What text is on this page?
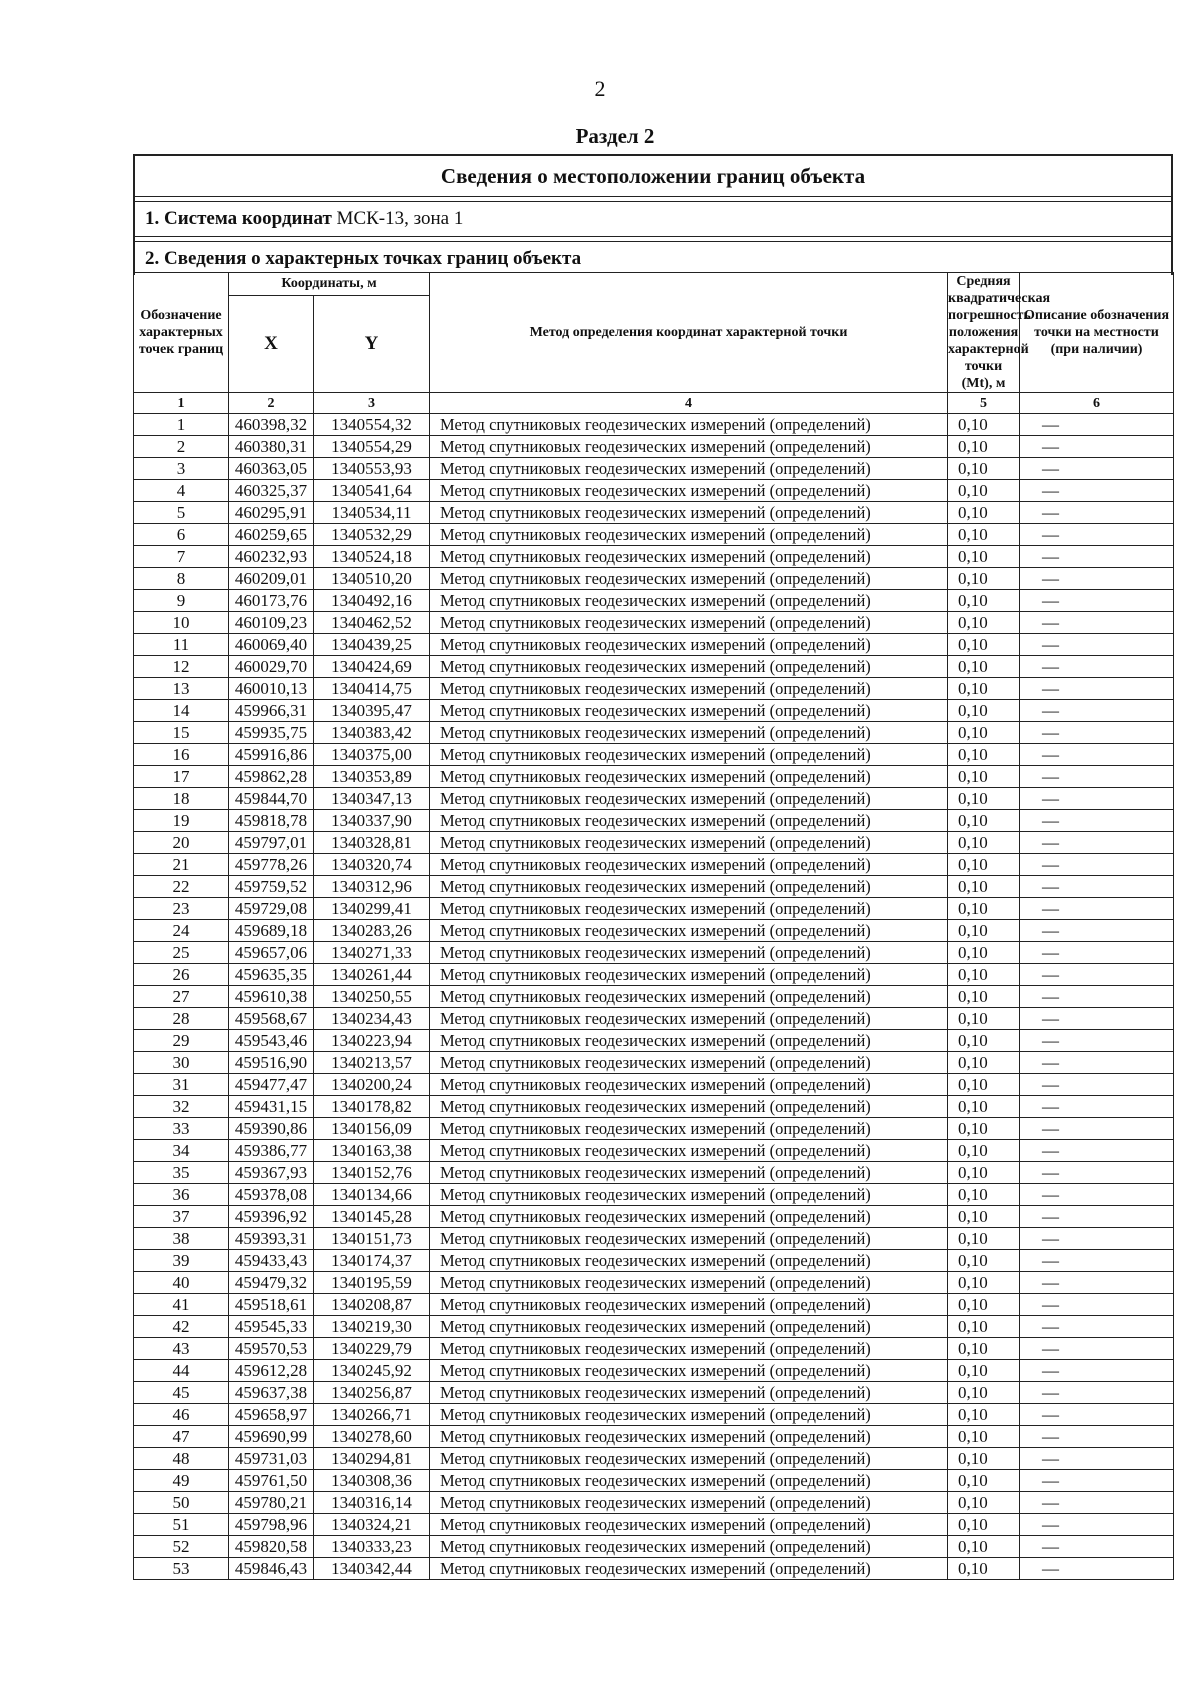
2
Раздел 2
Сведения о местоположении границ объекта
1. Система координат МСК-13, зона 1
2. Сведения о характерных точках границ объекта
Обозначение характерных точек границ	Координаты, м		Метод определения координат характерной точки	Средняя квадратическая погрешность положения характерной точки (Mt), м	Описание обозначения точки на местности (при наличии)
	X	Y			
1	2	3	4	5	6
1	460398,32	1340554,32	Метод спутниковых геодезических измерений (определений)	0,10	—
2	460380,31	1340554,29	Метод спутниковых геодезических измерений (определений)	0,10	—
3	460363,05	1340553,93	Метод спутниковых геодезических измерений (определений)	0,10	—
4	460325,37	1340541,64	Метод спутниковых геодезических измерений (определений)	0,10	—
5	460295,91	1340534,11	Метод спутниковых геодезических измерений (определений)	0,10	—
6	460259,65	1340532,29	Метод спутниковых геодезических измерений (определений)	0,10	—
7	460232,93	1340524,18	Метод спутниковых геодезических измерений (определений)	0,10	—
8	460209,01	1340510,20	Метод спутниковых геодезических измерений (определений)	0,10	—
9	460173,76	1340492,16	Метод спутниковых геодезических измерений (определений)	0,10	—
10	460109,23	1340462,52	Метод спутниковых геодезических измерений (определений)	0,10	—
11	460069,40	1340439,25	Метод спутниковых геодезических измерений (определений)	0,10	—
12	460029,70	1340424,69	Метод спутниковых геодезических измерений (определений)	0,10	—
13	460010,13	1340414,75	Метод спутниковых геодезических измерений (определений)	0,10	—
14	459966,31	1340395,47	Метод спутниковых геодезических измерений (определений)	0,10	—
15	459935,75	1340383,42	Метод спутниковых геодезических измерений (определений)	0,10	—
16	459916,86	1340375,00	Метод спутниковых геодезических измерений (определений)	0,10	—
17	459862,28	1340353,89	Метод спутниковых геодезических измерений (определений)	0,10	—
18	459844,70	1340347,13	Метод спутниковых геодезических измерений (определений)	0,10	—
19	459818,78	1340337,90	Метод спутниковых геодезических измерений (определений)	0,10	—
20	459797,01	1340328,81	Метод спутниковых геодезических измерений (определений)	0,10	—
21	459778,26	1340320,74	Метод спутниковых геодезических измерений (определений)	0,10	—
22	459759,52	1340312,96	Метод спутниковых геодезических измерений (определений)	0,10	—
23	459729,08	1340299,41	Метод спутниковых геодезических измерений (определений)	0,10	—
24	459689,18	1340283,26	Метод спутниковых геодезических измерений (определений)	0,10	—
25	459657,06	1340271,33	Метод спутниковых геодезических измерений (определений)	0,10	—
26	459635,35	1340261,44	Метод спутниковых геодезических измерений (определений)	0,10	—
27	459610,38	1340250,55	Метод спутниковых геодезических измерений (определений)	0,10	—
28	459568,67	1340234,43	Метод спутниковых геодезических измерений (определений)	0,10	—
29	459543,46	1340223,94	Метод спутниковых геодезических измерений (определений)	0,10	—
30	459516,90	1340213,57	Метод спутниковых геодезических измерений (определений)	0,10	—
31	459477,47	1340200,24	Метод спутниковых геодезических измерений (определений)	0,10	—
32	459431,15	1340178,82	Метод спутниковых геодезических измерений (определений)	0,10	—
33	459390,86	1340156,09	Метод спутниковых геодезических измерений (определений)	0,10	—
34	459386,77	1340163,38	Метод спутниковых геодезических измерений (определений)	0,10	—
35	459367,93	1340152,76	Метод спутниковых геодезических измерений (определений)	0,10	—
36	459378,08	1340134,66	Метод спутниковых геодезических измерений (определений)	0,10	—
37	459396,92	1340145,28	Метод спутниковых геодезических измерений (определений)	0,10	—
38	459393,31	1340151,73	Метод спутниковых геодезических измерений (определений)	0,10	—
39	459433,43	1340174,37	Метод спутниковых геодезических измерений (определений)	0,10	—
40	459479,32	1340195,59	Метод спутниковых геодезических измерений (определений)	0,10	—
41	459518,61	1340208,87	Метод спутниковых геодезических измерений (определений)	0,10	—
42	459545,33	1340219,30	Метод спутниковых геодезических измерений (определений)	0,10	—
43	459570,53	1340229,79	Метод спутниковых геодезических измерений (определений)	0,10	—
44	459612,28	1340245,92	Метод спутниковых геодезических измерений (определений)	0,10	—
45	459637,38	1340256,87	Метод спутниковых геодезических измерений (определений)	0,10	—
46	459658,97	1340266,71	Метод спутниковых геодезических измерений (определений)	0,10	—
47	459690,99	1340278,60	Метод спутниковых геодезических измерений (определений)	0,10	—
48	459731,03	1340294,81	Метод спутниковых геодезических измерений (определений)	0,10	—
49	459761,50	1340308,36	Метод спутниковых геодезических измерений (определений)	0,10	—
50	459780,21	1340316,14	Метод спутниковых геодезических измерений (определений)	0,10	—
51	459798,96	1340324,21	Метод спутниковых геодезических измерений (определений)	0,10	—
52	459820,58	1340333,23	Метод спутниковых геодезических измерений (определений)	0,10	—
53	459846,43	1340342,44	Метод спутниковых геодезических измерений (определений)	0,10	—
